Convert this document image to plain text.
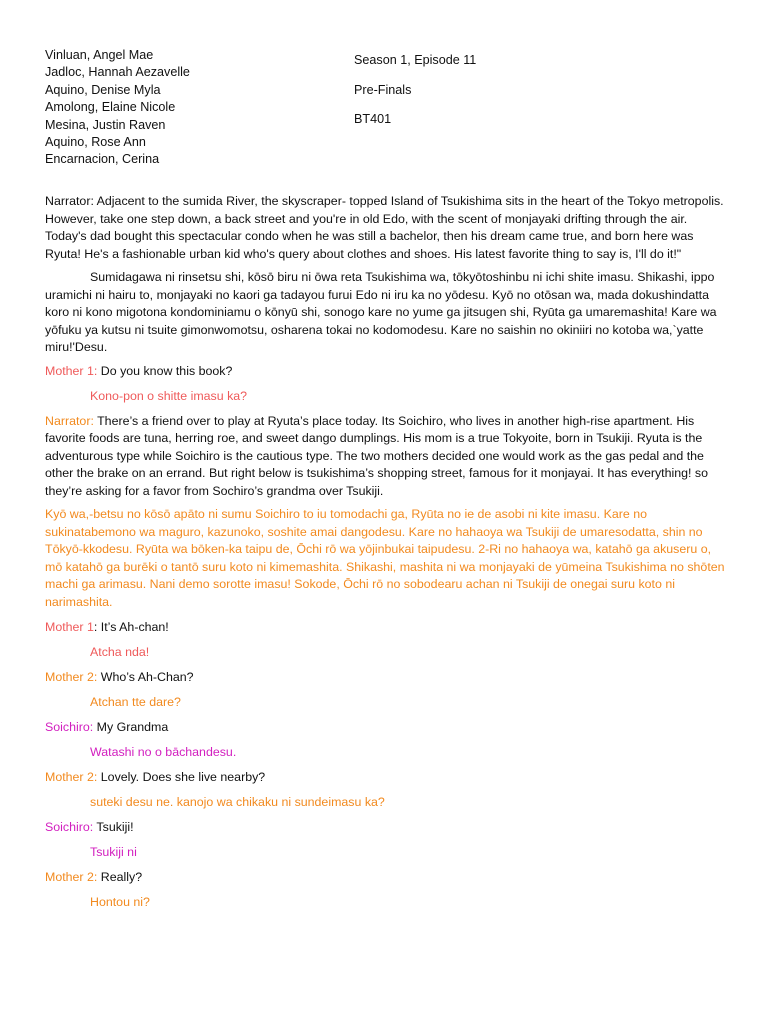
Vinluan, Angel Mae
Jadloc, Hannah Aezavelle
Aquino, Denise Myla
Amolong, Elaine Nicole
Mesina, Justin Raven
Aquino, Rose Ann
Encarnacion, Cerina
Season 1, Episode 11
Pre-Finals
BT401

Narrator: Adjacent to the sumida River, the skyscraper- topped Island of Tsukishima sits in the heart of the Tokyo metropolis. However, take one step down, a back street and you're in old Edo, with the scent of monjayaki drifting through the air. Today's dad bought this spectacular condo when he was still a bachelor, then his dream came true, and born here was Ryuta! He's a fashionable urban kid who's query about clothes and shoes. His latest favorite thing to say is, I'll do it!"

Sumidagawa ni rinsetsu shi, kōsō biru ni ōwa reta Tsukishima wa, tōkyōtoshinbu ni ichi shite imasu. Shikashi, ippo uramichi ni hairu to, monjayaki no kaori ga tadayou furui Edo ni iru ka no yōdesu. Kyō no otōsan wa, mada dokushindatta koro ni kono migotona kondominiamu o kōnyū shi, sonogo kare no yume ga jitsugen shi, Ryūta ga umaremashita! Kare wa yōfuku ya kutsu ni tsuite gimonwomotsu, osharena tokai no kodomodesu. Kare no saishin no okiniiri no kotoba wa,`yatte miru!'Desu.

Mother 1: Do you know this book?
Kono-pon o shitte imasu ka?

Narrator: There’s a friend over to play at Ryuta’s place today. Its Soichiro, who lives in another high-rise apartment. His favorite foods are tuna, herring roe, and sweet dango dumplings. His mom is a true Tokyoite, born in Tsukiji. Ryuta is the adventurous type while Soichiro is the cautious type. The two mothers decided one would work as the gas pedal and the other the brake on an errand. But right below is tsukishima’s shopping street, famous for it monjayai. It has everything! so they’re asking for a favor from Sochiro’s grandma over Tsukiji.

Kyō wa,-betsu no kōsō apāto ni sumu Soichiro to iu tomodachi ga, Ryūta no ie de asobi ni kite imasu. Kare no sukinatabemono wa maguro, kazunoko, soshite amai dangodesu. Kare no hahaoya wa Tsukiji de umaresodatta, shin no Tōkyō-kkodesu. Ryūta wa bōken-ka taipu de, Ōchi rō wa yōjinbukai taipudesu. 2-Ri no hahaoya wa, katahō ga akuseru o, mō katahō ga burēki o tantō suru koto ni kimemashita. Shikashi, mashita ni wa monjayaki de yūmeina Tsukishima no shōten machi ga arimasu. Nani demo sorotte imasu! Sokode, Ōchi rō no sobodearu achan ni Tsukiji de onegai suru koto ni narimashita.

Mother 1: It’s Ah-chan!
Atcha nda!
Mother 2: Who’s Ah-Chan?
Atchan tte dare?
Soichiro: My Grandma
Watashi no o bāchandesu.
Mother 2: Lovely. Does she live nearby?
suteki desu ne. kanojo wa chikaku ni sundeimasu ka?
Soichiro: Tsukiji!
Tsukiji ni
Mother 2: Really?
Hontou ni?
